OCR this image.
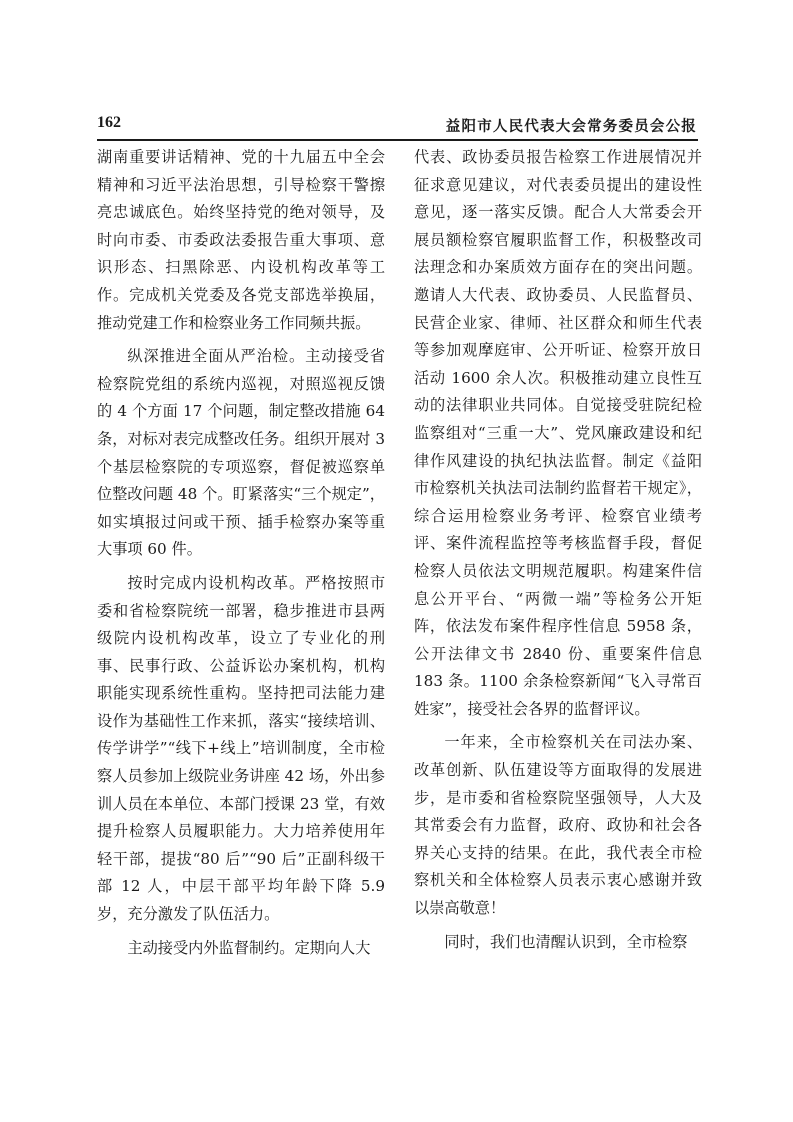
162	益阳市人民代表大会常务委员会公报

湖南重要讲话精神、党的十九届五中全会精神和习近平法治思想，引导检察干警擦亮忠诚底色。始终坚持党的绝对领导，及时向市委、市委政法委报告重大事项、意识形态、扫黑除恶、内设机构改革等工作。完成机关党委及各党支部选举换届，推动党建工作和检察业务工作同频共振。

纵深推进全面从严治检。主动接受省检察院党组的系统内巡视，对照巡视反馈的 4 个方面 17 个问题，制定整改措施 64 条，对标对表完成整改任务。组织开展对 3 个基层检察院的专项巡察，督促被巡察单位整改问题 48 个。盯紧落实“三个规定”，如实填报过问或干预、插手检察办案等重大事项 60 件。

按时完成内设机构改革。严格按照市委和省检察院统一部署，稳步推进市县两级院内设机构改革，设立了专业化的刑事、民事行政、公益诉讼办案机构，机构职能实现系统性重构。坚持把司法能力建设作为基础性工作来抓，落实“接续培训、传学讲学”“线下+线上”培训制度，全市检察人员参加上级院业务讲座 42 场，外出参训人员在本单位、本部门授课 23 堂，有效提升检察人员履职能力。大力培养使用年轻干部，提拔“80 后”“90 后”正副科级干部 12 人，中层干部平均年龄下降 5.9 岁，充分激发了队伍活力。

主动接受内外监督制约。定期向人大

代表、政协委员报告检察工作进展情况并征求意见建议，对代表委员提出的建设性意见，逐一落实反馈。配合人大常委会开展员额检察官履职监督工作，积极整改司法理念和办案质效方面存在的突出问题。邀请人大代表、政协委员、人民监督员、民营企业家、律师、社区群众和师生代表等参加观摩庭审、公开听证、检察开放日活动 1600 余人次。积极推动建立良性互动的法律职业共同体。自觉接受驻院纪检监察组对“三重一大”、党风廉政建设和纪律作风建设的执纪执法监督。制定《益阳市检察机关执法司法制约监督若干规定》，综合运用检察业务考评、检察官业绩考评、案件流程监控等考核监督手段，督促检察人员依法文明规范履职。构建案件信息公开平台、“两微一端”等检务公开矩阵，依法发布案件程序性信息 5958 条，公开法律文书 2840 份、重要案件信息 183 条。1100 余条检察新闻“飞入寻常百姓家”，接受社会各界的监督评议。

一年来，全市检察机关在司法办案、改革创新、队伍建设等方面取得的发展进步，是市委和省检察院坚强领导，人大及其常委会有力监督，政府、政协和社会各界关心支持的结果。在此，我代表全市检察机关和全体检察人员表示衷心感谢并致以崇高敬意！

同时，我们也清醒认识到，全市检察
